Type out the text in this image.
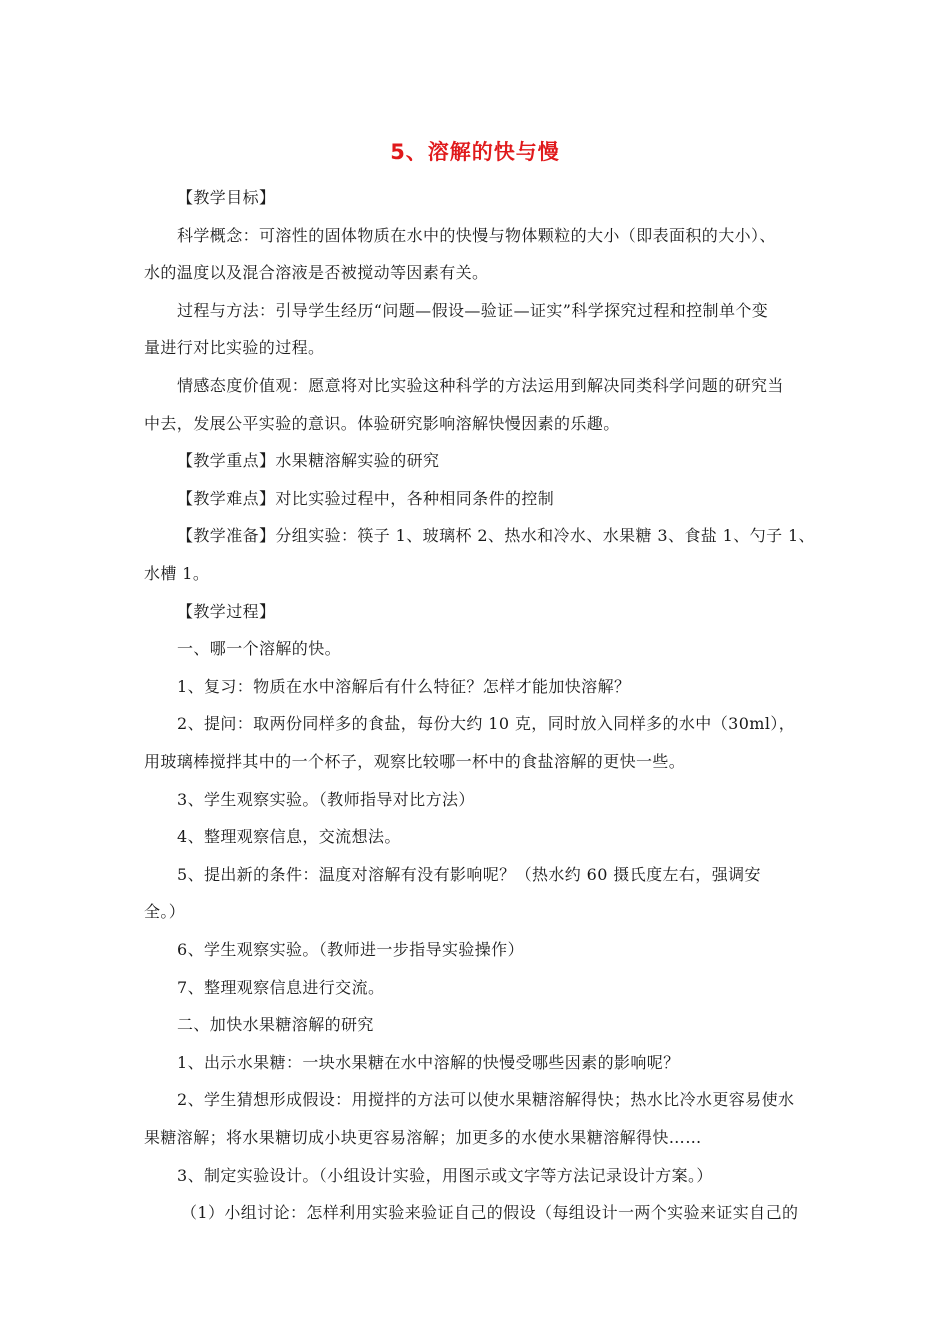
5、溶解的快与慢
【教学目标】
科学概念：可溶性的固体物质在水中的快慢与物体颗粒的大小（即表面积的大小）、
水的温度以及混合溶液是否被搅动等因素有关。
过程与方法：引导学生经历“问题—假设—验证—证实”科学探究过程和控制单个变
量进行对比实验的过程。
情感态度价值观：愿意将对比实验这种科学的方法运用到解决同类科学问题的研究当
中去，发展公平实验的意识。体验研究影响溶解快慢因素的乐趣。
【教学重点】水果糖溶解实验的研究
【教学难点】对比实验过程中，各种相同条件的控制
【教学准备】分组实验：筷子 1、玻璃杯 2、热水和冷水、水果糖 3、食盐 1、勺子 1、
水槽 1。
【教学过程】
一、哪一个溶解的快。
1、复习：物质在水中溶解后有什么特征？怎样才能加快溶解？
2、提问：取两份同样多的食盐，每份大约 10 克，同时放入同样多的水中（30ml），
用玻璃棒搅拌其中的一个杯子，观察比较哪一杯中的食盐溶解的更快一些。
3、学生观察实验。（教师指导对比方法）
4、整理观察信息，交流想法。
5、提出新的条件：温度对溶解有没有影响呢？（热水约 60 摄氏度左右，强调安
全。）
6、学生观察实验。（教师进一步指导实验操作）
7、整理观察信息进行交流。
二、加快水果糖溶解的研究
1、出示水果糖：一块水果糖在水中溶解的快慢受哪些因素的影响呢？
2、学生猜想形成假设：用搅拌的方法可以使水果糖溶解得快；热水比冷水更容易使水
果糖溶解；将水果糖切成小块更容易溶解；加更多的水使水果糖溶解得快……
3、制定实验设计。（小组设计实验，用图示或文字等方法记录设计方案。）
（1）小组讨论：怎样利用实验来验证自己的假设（每组设计一两个实验来证实自己的
